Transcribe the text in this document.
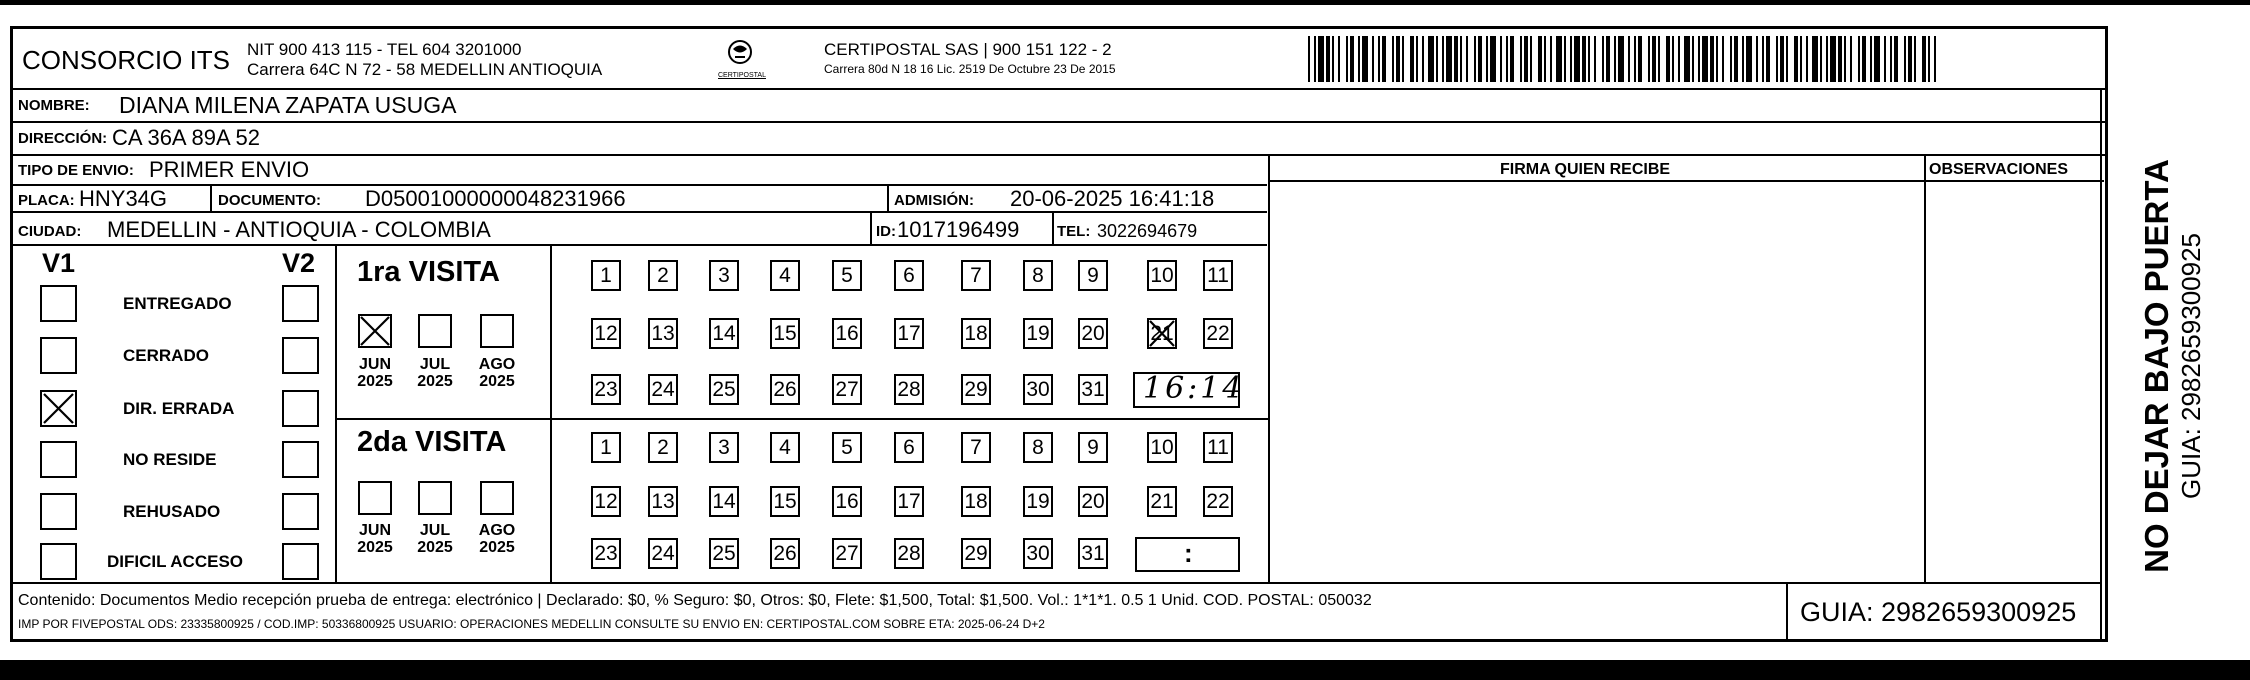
CONSORCIO ITS NIT 900 413 115 - TEL 604 3201000
Carrera 64C N 72 - 58 MEDELLIN ANTIOQUIA	CERTIPOSTAL
CERTIPOSTAL SAS | 900 151 122 - 2
Carrera 80d N 18 16 Lic. 2519 De Octubre 23 De 2015
NOMBRE: DIANA MILENA ZAPATA USUGA
DIRECCIÓN: CA 36A 89A 52
TIPO DE ENVIO: PRIMER ENVIO
PLACA: HNY34G	DOCUMENTO: D05001000000048231966	ADMISIÓN: 20-06-2025 16:41:18
CIUDAD: MEDELLIN - ANTIOQUIA - COLOMBIA	ID: 1017196499	TEL: 3022694679
FIRMA QUIEN RECIBE	OBSERVACIONES
V1	V2
ENTREGADO
CERRADO
DIR. ERRADA
NO RESIDE
REHUSADO
DIFICIL ACCESO
1ra VISITA
JUN
2025
JUL
2025
AGO
2025
1 2 3 4 5 6	7 8 9 10 11
12 13 14 15 16 17 18 19 20 21 22
23 24 25 26 27 28 29 30 31 16:14
2da VISITA
JUN
2025
JUL
2025
AGO
2025
1 2 3 4 5 6	7 8 9 10 11
12 13 14 15 16 17 18 19 20 21 22
23 24 25 26 27 28 29 30 31	:
Contenido: Documentos Medio recepción prueba de entrega: electrónico | Declarado: $0, % Seguro: $0, Otros: $0, Flete: $1,500, Total: $1,500. Vol.: 1*1*1. 0.5 1 Unid. COD. POSTAL: 050032
IMP POR FIVEPOSTAL ODS: 23335800925 / COD.IMP: 50336800925 USUARIO: OPERACIONES MEDELLIN CONSULTE SU ENVIO EN: CERTIPOSTAL.COM SOBRE ETA: 2025-06-24 D+2	GUIA: 2982659300925
NO DEJAR BAJO PUERTA GUIA: 2982659300925
